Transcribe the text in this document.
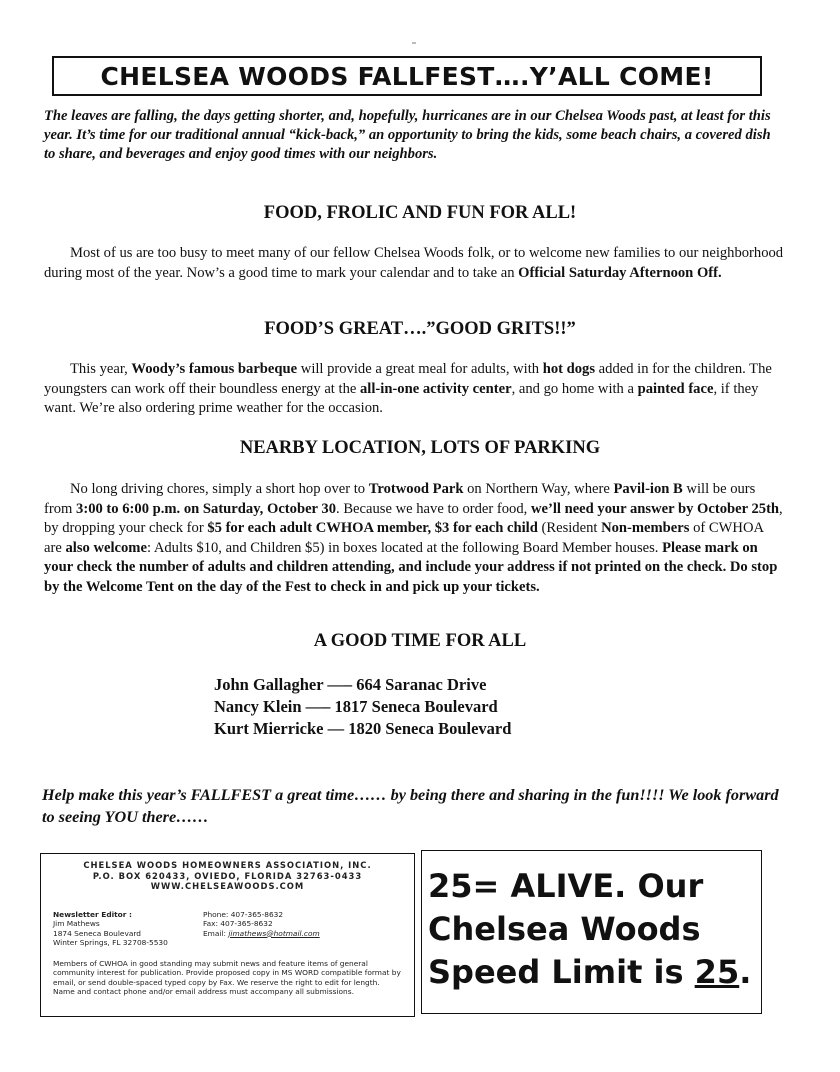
CHELSEA WOODS FALLFEST….Y’ALL COME!
The leaves are falling, the days getting shorter, and, hopefully, hurricanes are in our Chelsea Woods past, at least for this year. It’s time for our traditional annual “kick-back,” an opportunity to bring the kids, some beach chairs, a covered dish to share, and beverages and enjoy good times with our neighbors.
FOOD, FROLIC AND FUN FOR ALL!
Most of us are too busy to meet many of our fellow Chelsea Woods folk, or to welcome new families to our neighborhood during most of the year. Now’s a good time to mark your calendar and to take an Official Saturday Afternoon Off.
FOOD’S GREAT….”GOOD GRITS!!”
This year, Woody’s famous barbeque will provide a great meal for adults, with hot dogs added in for the children. The youngsters can work off their boundless energy at the all-in-one activity center, and go home with a painted face, if they want. We’re also ordering prime weather for the occasion.
NEARBY LOCATION, LOTS OF PARKING
No long driving chores, simply a short hop over to Trotwood Park on Northern Way, where Pavil-ion B will be ours from 3:00 to 6:00 p.m. on Saturday, October 30. Because we have to order food, we’ll need your answer by October 25th, by dropping your check for $5 for each adult CWHOA member, $3 for each child (Resident Non-members of CWHOA are also welcome: Adults $10, and Children $5) in boxes located at the following Board Member houses. Please mark on your check the number of adults and children attending, and include your address if not printed on the check. Do stop by the Welcome Tent on the day of the Fest to check in and pick up your tickets.
A GOOD TIME FOR ALL
John Gallagher —– 664 Saranac Drive
Nancy Klein —– 1817 Seneca Boulevard
Kurt Mierricke — 1820 Seneca Boulevard
Help make this year’s FALLFEST a great time…… by being there and sharing in the fun!!!! We look forward to seeing YOU there……
CHELSEA WOODS HOMEOWNERS ASSOCIATION, INC.
P.O. BOX 620433, OVIEDO, FLORIDA 32763-0433
WWW.CHELSEAWOODS.COM
Newsletter Editor :
Jim Mathews
1874 Seneca Boulevard
Winter Springs, FL 32708-5530
Phone: 407-365-8632
Fax: 407-365-8632
Email: jimathews@hotmail.com
Members of CWHOA in good standing may submit news and feature items of general community interest for publication. Provide proposed copy in MS WORD compatible format by email, or send double-spaced typed copy by Fax. We reserve the right to edit for length. Name and contact phone and/or email address must accompany all submissions.
25= ALIVE. Our
Chelsea Woods
Speed Limit is 25.
